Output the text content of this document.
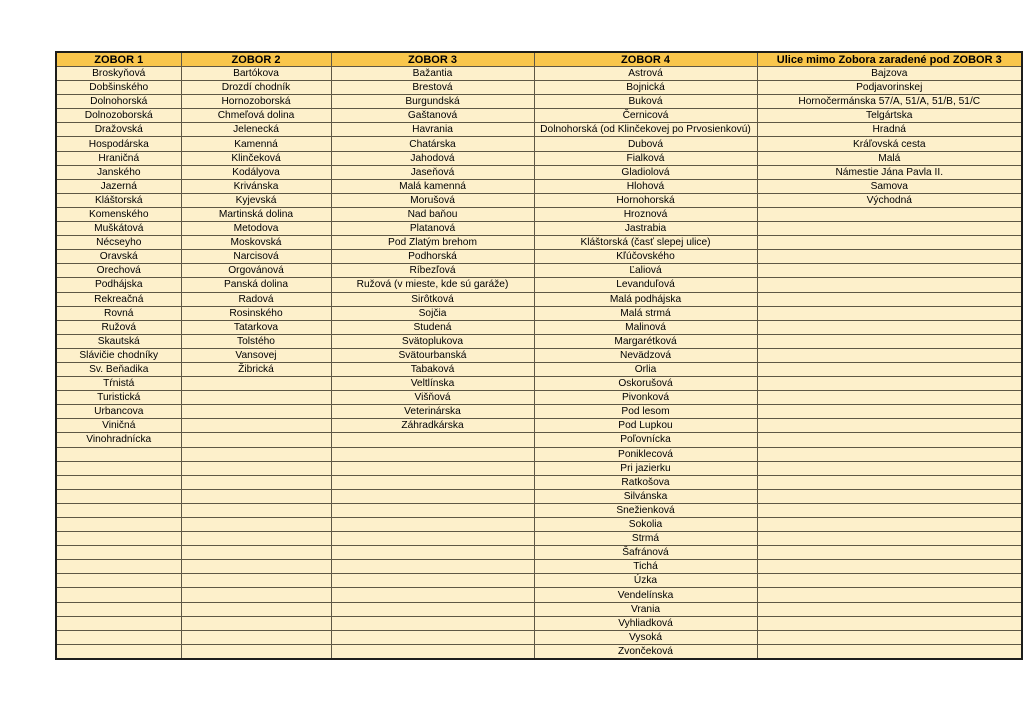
ZOBOR 1	ZOBOR 2	ZOBOR 3	ZOBOR 4	Ulice mimo Zobora zaradené pod ZOBOR 3
Broskyňová	Bartókova	Bažantia	Astrová	Bajzova
Dobšinského	Drozdí chodník	Brestová	Bojnická	Podjavorinskej
Dolnohorská	Hornozoborská	Burgundská	Buková	Hornočermánska 57/A, 51/A, 51/B, 51/C
Dolnozoborská	Chmeľová dolina	Gaštanová	Černicová	Telgártska
Dražovská	Jelenecká	Havrania	Dolnohorská (od Klinčekovej po Prvosienkovú)	Hradná
Hospodárska	Kamenná	Chatárska	Dubová	Kráľovská cesta
Hraničná	Klinčeková	Jahodová	Fialková	Malá
Janského	Kodályova	Jaseňová	Gladiolová	Námestie Jána Pavla II.
Jazerná	Krivánska	Malá kamenná	Hlohová	Samova
Kláštorská	Kyjevská	Morušová	Hornohorská	Východná
Komenského	Martinská dolina	Nad baňou	Hroznová	
Muškátová	Metodova	Platanová	Jastrabia	
Nécseyho	Moskovská	Pod Zlatým brehom	Kláštorská (časť slepej ulice)	
Oravská	Narcisová	Podhorská	Kľúčovského	
Orechová	Orgovánová	Ríbezľová	Ľaliová	
Podhájska	Panská dolina	Ružová (v mieste, kde sú garáže)	Levanduľová	
Rekreačná	Radová	Sirôtková	Malá podhájska	
Rovná	Rosinského	Sojčia	Malá strmá	
Ružová	Tatarkova	Studená	Malinová	
Skautská	Tolstého	Svätoplukova	Margarétková	
Slávičie chodníky	Vansovej	Svätourbanská	Nevädzová	
Sv. Beňadika	Žibrická	Tabaková	Orlia	
Tŕnistá		Veltlínska	Oskorušová	
Turistická		Višňová	Pivonková	
Urbancova		Veterinárska	Pod lesom	
Viničná		Záhradkárska	Pod Lupkou	
Vinohradnícka			Poľovnícka	
			Poniklecová	
			Pri jazierku	
			Ratkošova	
			Silvánska	
			Snežienková	
			Sokolia	
			Strmá	
			Šafránová	
			Tichá	
			Úzka	
			Vendelínska	
			Vrania	
			Vyhliadková	
			Vysoká	
			Zvončeková	
